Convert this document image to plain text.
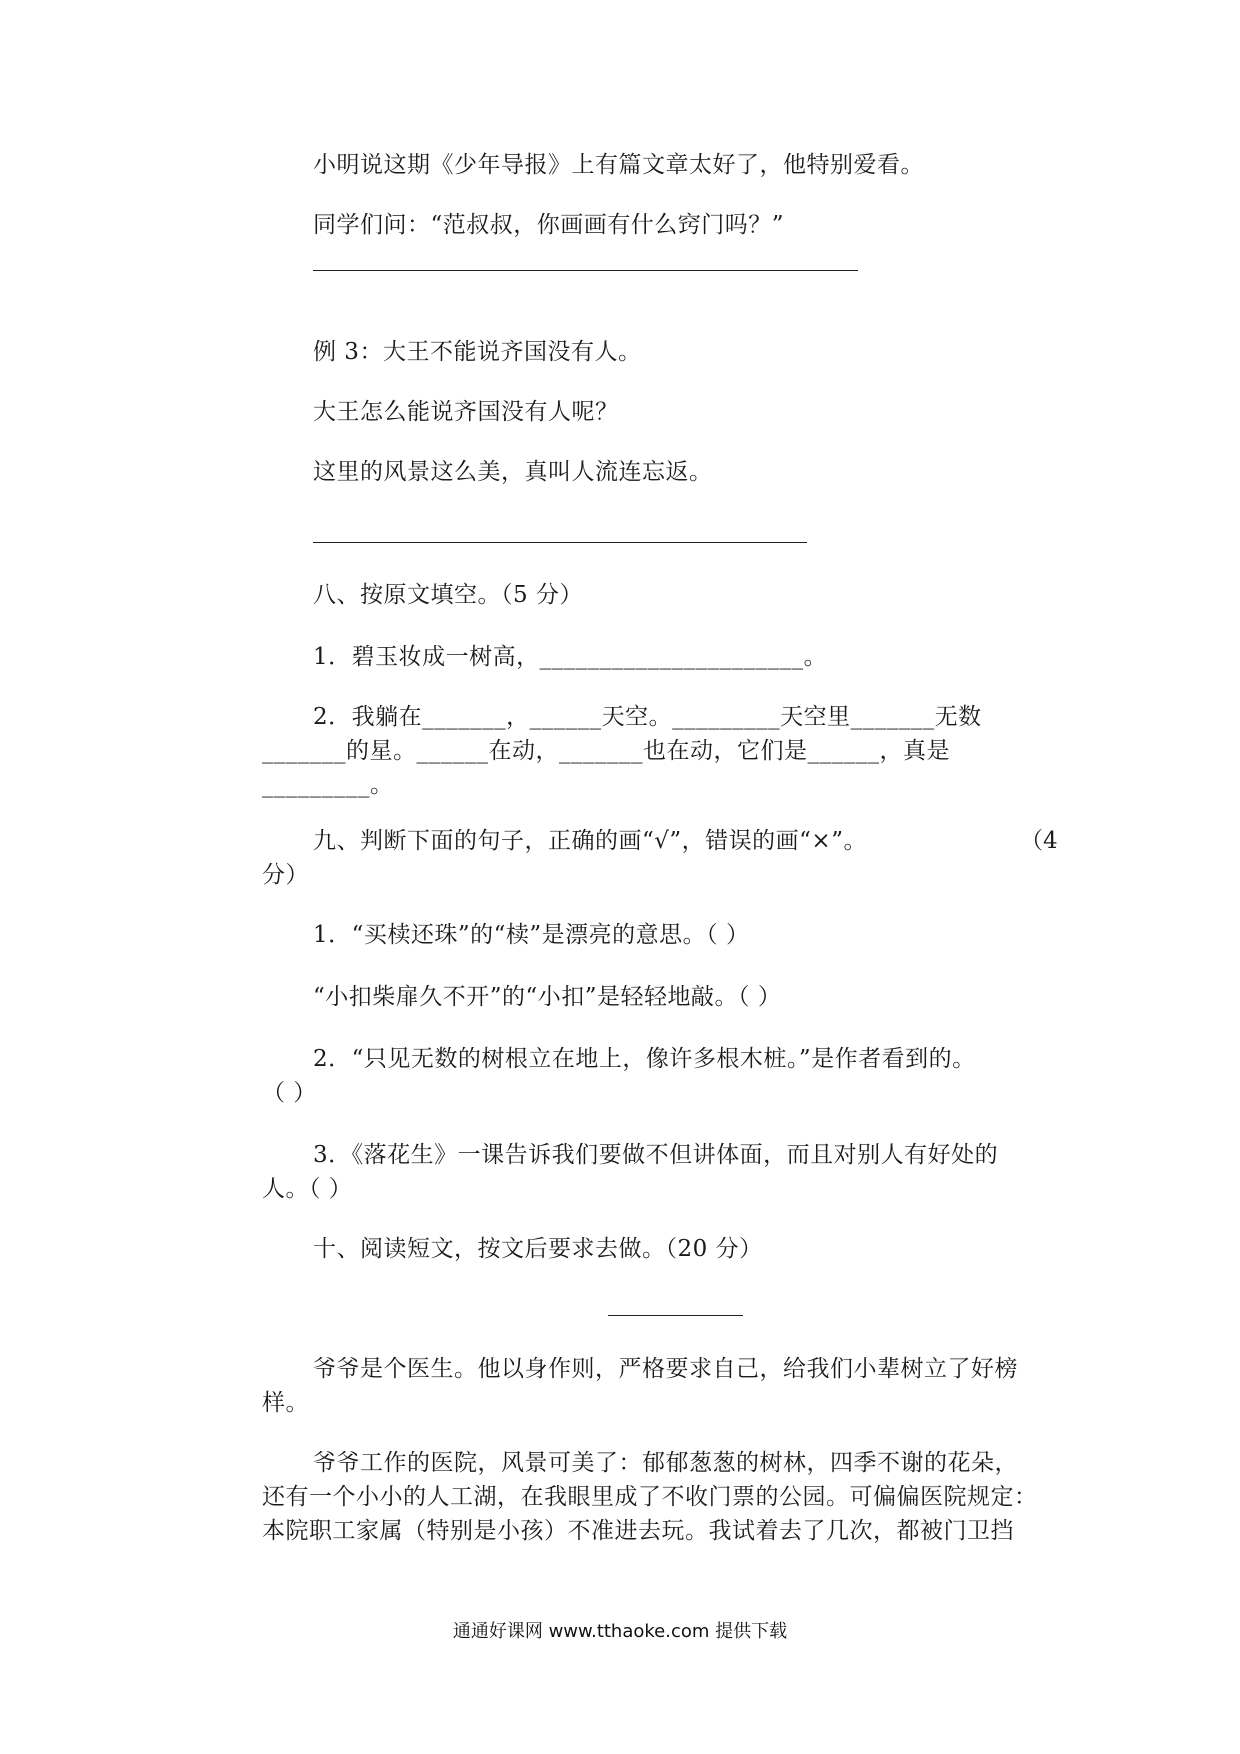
小明说这期《少年导报》上有篇文章太好了，他特别爱看。
同学们问：“范叔叔，你画画有什么窍门吗？”
例 3：大王不能说齐国没有人。
大王怎么能说齐国没有人呢？
这里的风景这么美，真叫人流连忘返。
八、按原文填空。（5 分）
1．碧玉妆成一树高，______________________。
2．我躺在_______，______天空。_________天空里_______无数
_______的星。______在动，_______也在动，它们是______，真是
_________。
九、判断下面的句子，正确的画“√”，错误的画“×”。	（4
分）
1．“买椟还珠”的“椟”是漂亮的意思。（ ）
“小扣柴扉久不开”的“小扣”是轻轻地敲。（ ）
2．“只见无数的树根立在地上，像许多根木桩。”是作者看到的。
（ ）
3．《落花生》一课告诉我们要做不但讲体面，而且对别人有好处的
人。（ ）
十、阅读短文，按文后要求去做。（20 分）
爷爷是个医生。他以身作则，严格要求自己，给我们小辈树立了好榜
样。
爷爷工作的医院，风景可美了：郁郁葱葱的树林，四季不谢的花朵，
还有一个小小的人工湖，在我眼里成了不收门票的公园。可偏偏医院规定：
本院职工家属（特别是小孩）不准进去玩。我试着去了几次，都被门卫挡
通通好课网 www.tthaoke.com 提供下载
